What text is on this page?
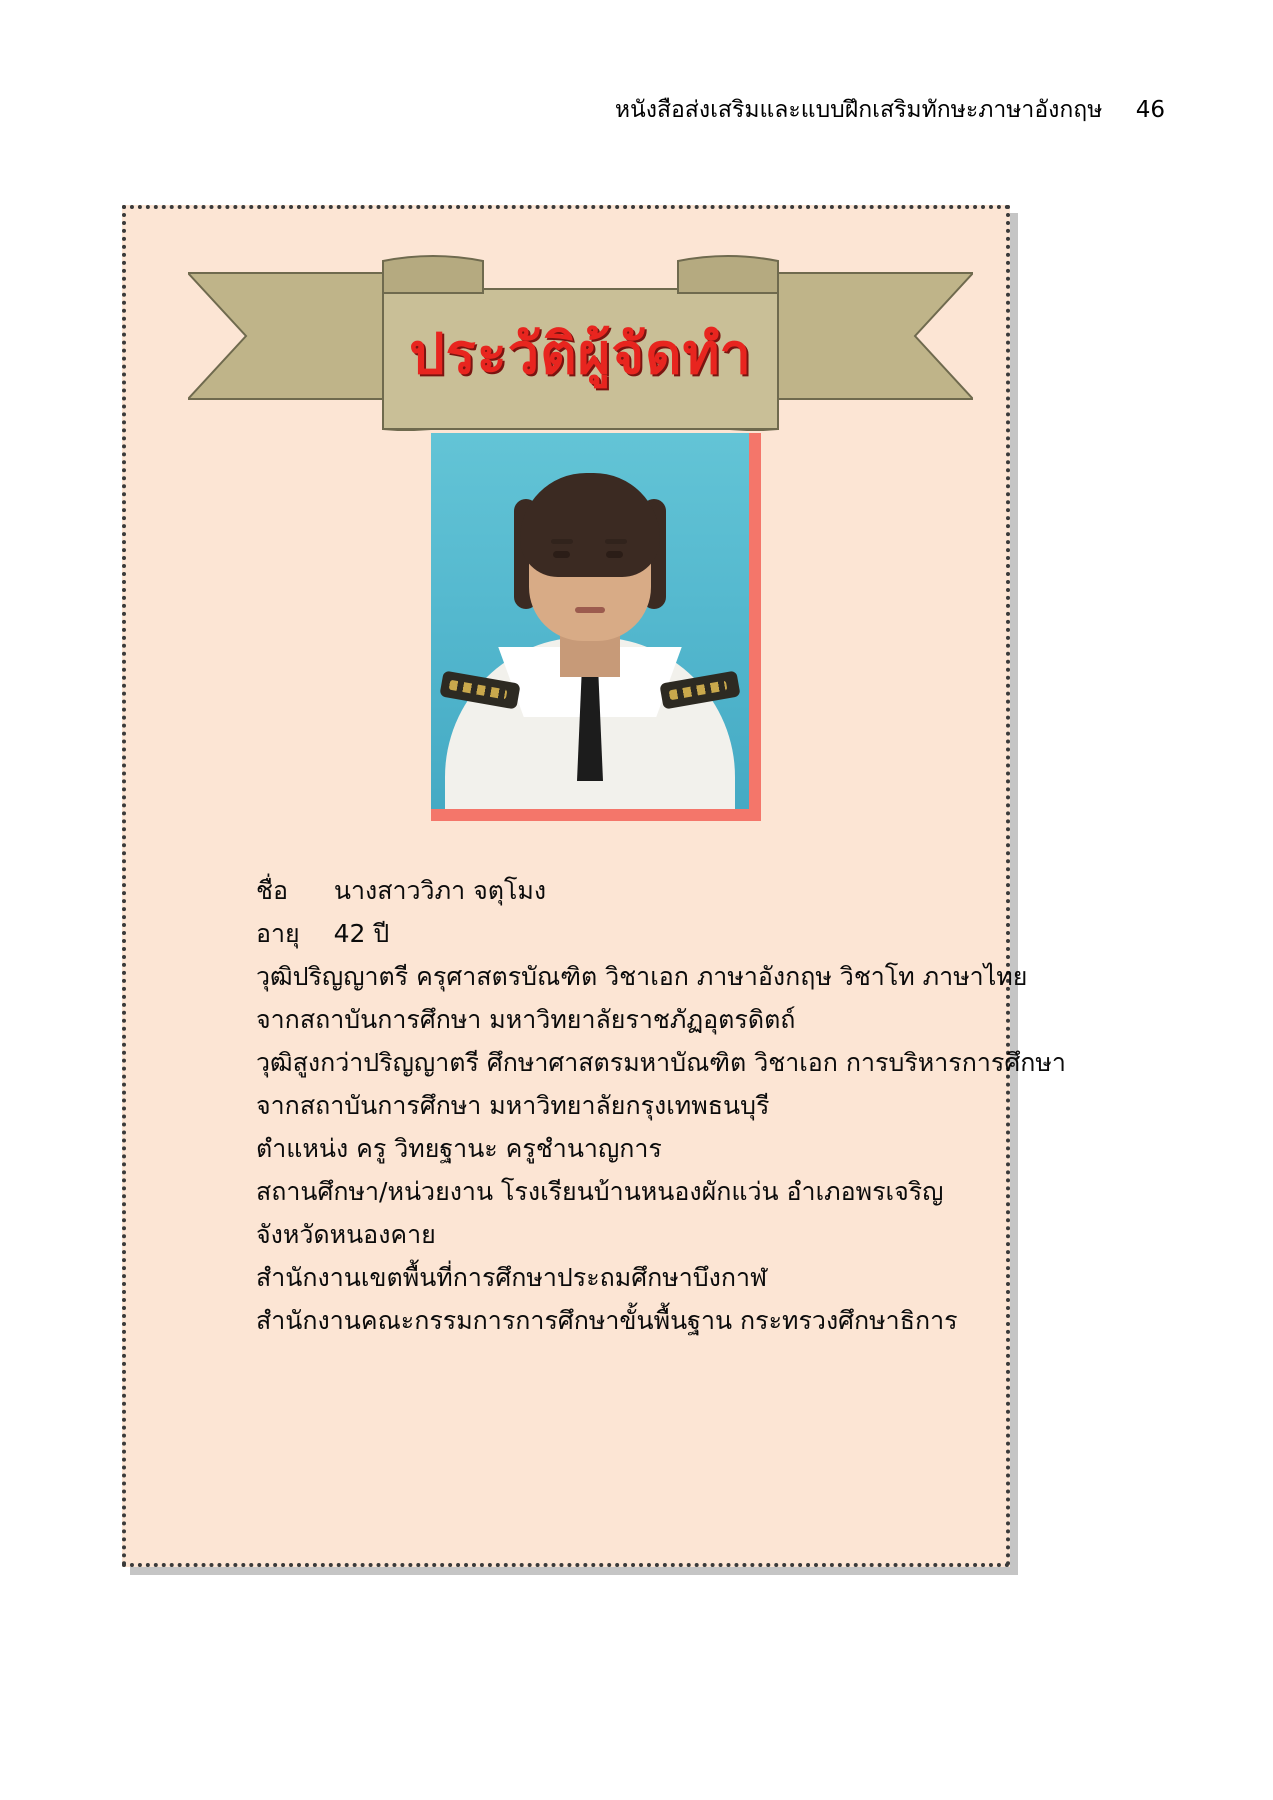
หนังสือส่งเสริมและแบบฝึกเสริมทักษะภาษาอังกฤษ 46
ประวัติผู้จัดทำ
ชื่อ นางสาววิภา จตุโมง
อายุ 42 ปี
วุฒิปริญญาตรี ครุศาสตรบัณฑิต วิชาเอก ภาษาอังกฤษ วิชาโท ภาษาไทย
จากสถาบันการศึกษา มหาวิทยาลัยราชภัฏอุตรดิตถ์
วุฒิสูงกว่าปริญญาตรี ศึกษาศาสตรมหาบัณฑิต วิชาเอก การบริหารการศึกษา
จากสถาบันการศึกษา มหาวิทยาลัยกรุงเทพธนบุรี
ตำแหน่ง ครู วิทยฐานะ ครูชำนาญการ
สถานศึกษา/หน่วยงาน โรงเรียนบ้านหนองผักแว่น อำเภอพรเจริญ
จังหวัดหนองคาย
สำนักงานเขตพื้นที่การศึกษาประถมศึกษาบึงกาฬ
สำนักงานคณะกรรมการการศึกษาขั้นพื้นฐาน กระทรวงศึกษาธิการ
